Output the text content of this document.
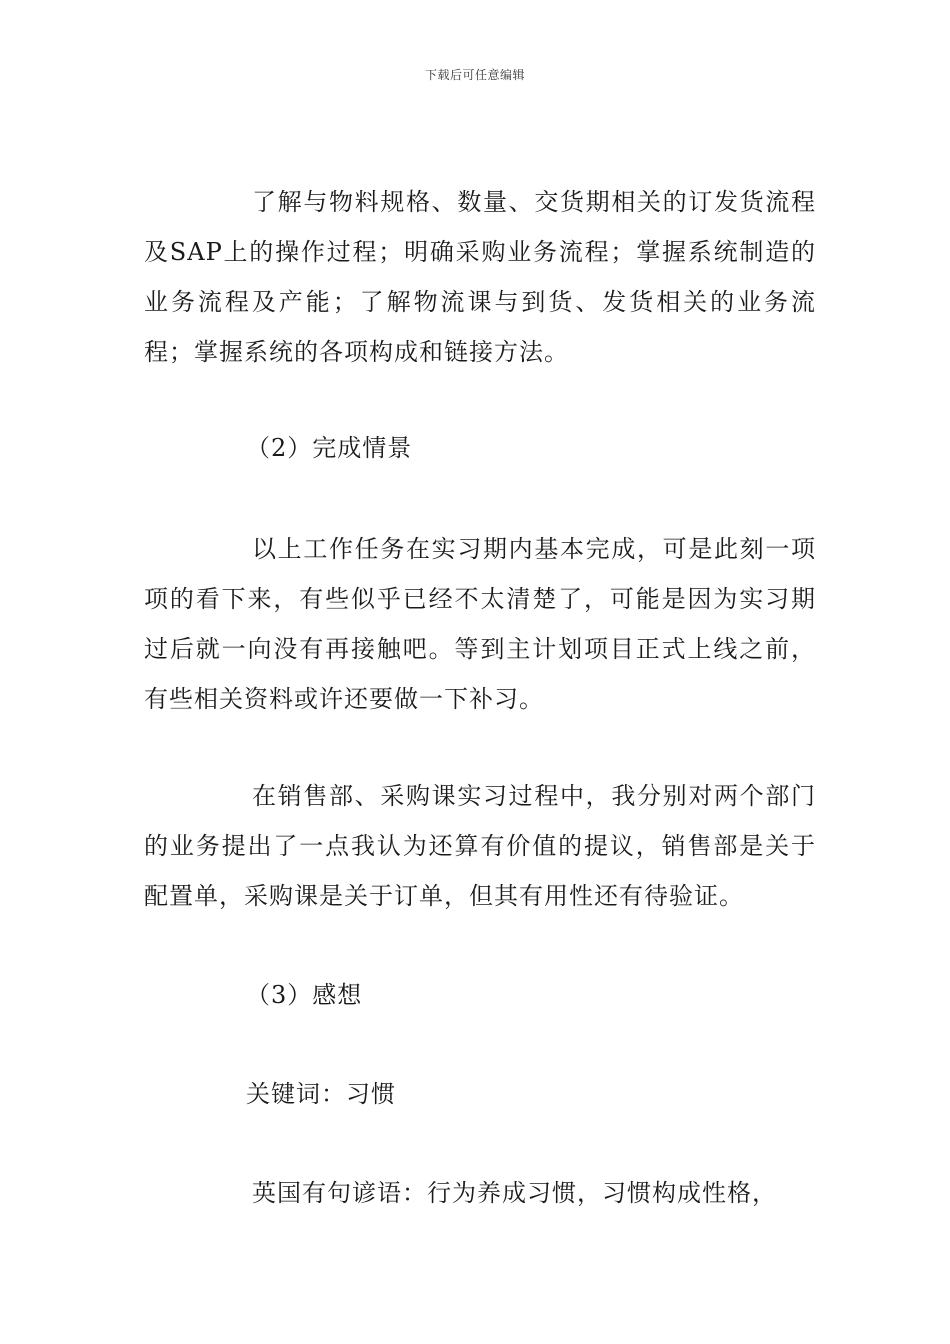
下载后可任意编辑
了解与物料规格、数量、交货期相关的订发货流程及SAP上的操作过程；明确采购业务流程；掌握系统制造的业务流程及产能；了解物流课与到货、发货相关的业务流程；掌握系统的各项构成和链接方法。
（2）完成情景
以上工作任务在实习期内基本完成，可是此刻一项项的看下来，有些似乎已经不太清楚了，可能是因为实习期过后就一向没有再接触吧。等到主计划项目正式上线之前，有些相关资料或许还要做一下补习。
在销售部、采购课实习过程中，我分别对两个部门的业务提出了一点我认为还算有价值的提议，销售部是关于配置单，采购课是关于订单，但其有用性还有待验证。
（3）感想
关键词：习惯
英国有句谚语：行为养成习惯，习惯构成性格，
